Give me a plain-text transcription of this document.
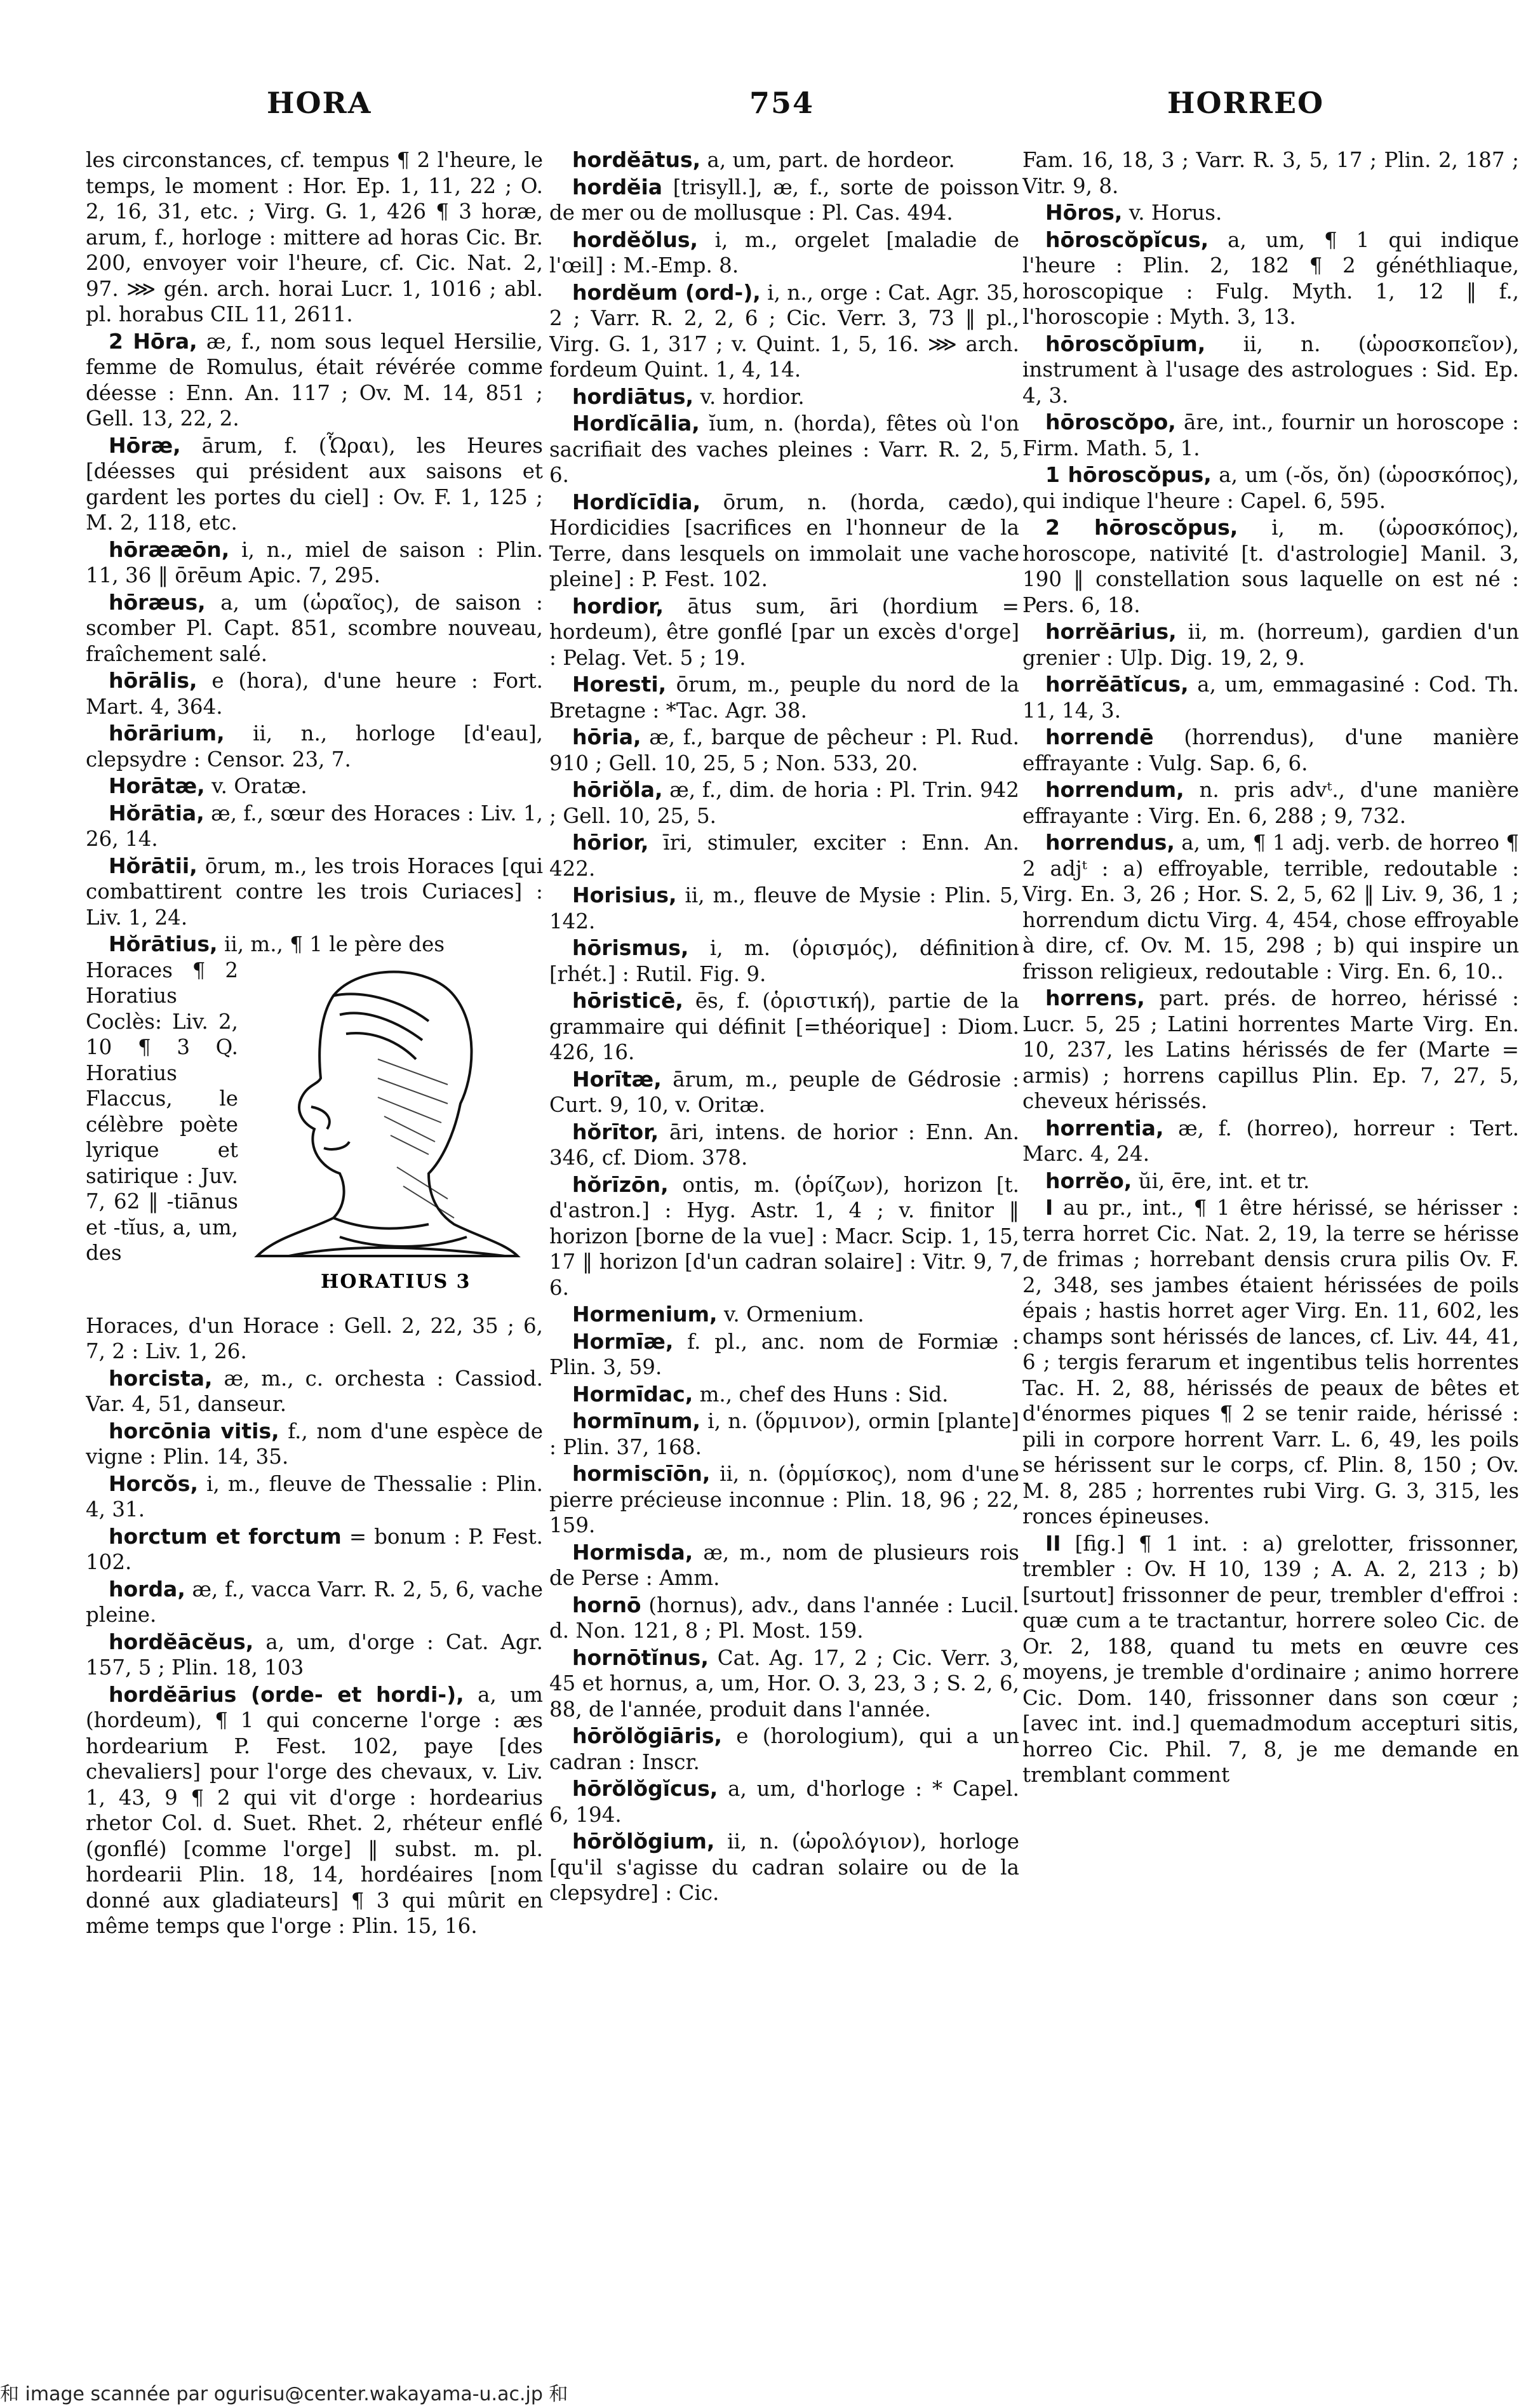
HORA	754	HORREO

les circonstances, cf. tempus ¶ 2 l'heure, le temps, le moment : Hor. Ep. 1, 11, 22 ; O. 2, 16, 31, etc. ; Virg. G. 1, 426 ¶ 3 horæ, arum, f., horloge : mittere ad horas Cic. Br. 200, envoyer voir l'heure, cf. Cic. Nat. 2, 97. ⋙ gén. arch. horai Lucr. 1, 1016 ; abl. pl. horabus CIL 11, 2611.

2 Hōra, æ, f., nom sous lequel Hersilie, femme de Romulus, était révérée comme déesse : Enn. An. 117 ; Ov. M. 14, 851 ; Gell. 13, 22, 2.

Hōræ, ārum, f. (Ὧραι), les Heures [déesses qui président aux saisons et gardent les portes du ciel] : Ov. F. 1, 125 ; M. 2, 118, etc.

hōrææōn, i, n., miel de saison : Plin. 11, 36 ‖ ōrēum Apic. 7, 295.

hōræus, a, um (ὡραῖος), de saison : scomber Pl. Capt. 851, scombre nouveau, fraîchement salé.

hōrālis, e (hora), d'une heure : Fort. Mart. 4, 364.

hōrārium, ii, n., horloge [d'eau], clepsydre : Censor. 23, 7.

Horātæ, v. Oratæ.

Hŏrātia, æ, f., sœur des Horaces : Liv. 1, 26, 14.

Hŏrātii, ōrum, m., les trois Horaces [qui combattirent contre les trois Curiaces] : Liv. 1, 24.

Hŏrātius, ii, m., ¶ 1 le père des

Horaces ¶ 2 Horatius Coclès: Liv. 2, 10 ¶ 3 Q. Horatius Flaccus, le célèbre poète lyrique et satirique : Juv. 7, 62 ‖ -tiānus et -tĭus, a, um, des

HORATIUS 3

Horaces, d'un Horace : Gell. 2, 22, 35 ; 6, 7, 2 : Liv. 1, 26.

horcista, æ, m., c. orchesta : Cassiod. Var. 4, 51, danseur.

horcōnia vitis, f., nom d'une espèce de vigne : Plin. 14, 35.

Horcŏs, i, m., fleuve de Thessalie : Plin. 4, 31.

horctum et forctum = bonum : P. Fest. 102.

horda, æ, f., vacca Varr. R. 2, 5, 6, vache pleine.

hordĕācĕus, a, um, d'orge : Cat. Agr. 157, 5 ; Plin. 18, 103

hordĕārius (orde- et hordi-), a, um (hordeum), ¶ 1 qui concerne l'orge : æs hordearium P. Fest. 102, paye [des chevaliers] pour l'orge des chevaux, v. Liv. 1, 43, 9 ¶ 2 qui vit d'orge : hordearius rhetor Col. d. Suet. Rhet. 2, rhéteur enflé (gonflé) [comme l'orge] ‖ subst. m. pl. hordearii Plin. 18, 14, hordéaires [nom donné aux gladiateurs] ¶ 3 qui mûrit en même temps que l'orge : Plin. 15, 16.

hordĕātus, a, um, part. de hordeor.

hordĕia [trisyll.], æ, f., sorte de poisson de mer ou de mollusque : Pl. Cas. 494.

hordĕŏlus, i, m., orgelet [maladie de l'œil] : M.-Emp. 8.

hordĕum (ord-), i, n., orge : Cat. Agr. 35, 2 ; Varr. R. 2, 2, 6 ; Cic. Verr. 3, 73 ‖ pl., Virg. G. 1, 317 ; v. Quint. 1, 5, 16. ⋙ arch. fordeum Quint. 1, 4, 14.

hordiātus, v. hordior.

Hordĭcālia, ĭum, n. (horda), fêtes où l'on sacrifiait des vaches pleines : Varr. R. 2, 5, 6.

Hordĭcīdia, ōrum, n. (horda, cædo), Hordicidies [sacrifices en l'honneur de la Terre, dans lesquels on immolait une vache pleine] : P. Fest. 102.

hordior, ātus sum, āri (hordium = hordeum), être gonflé [par un excès d'orge] : Pelag. Vet. 5 ; 19.

Horesti, ōrum, m., peuple du nord de la Bretagne : *Tac. Agr. 38.

hōria, æ, f., barque de pêcheur : Pl. Rud. 910 ; Gell. 10, 25, 5 ; Non. 533, 20.

hōriŏla, æ, f., dim. de horia : Pl. Trin. 942 ; Gell. 10, 25, 5.

hōrior, īri, stimuler, exciter : Enn. An. 422.

Horisius, ii, m., fleuve de Mysie : Plin. 5, 142.

hōrismus, i, m. (ὁρισμός), définition [rhét.] : Rutil. Fig. 9.

hōristicē, ēs, f. (ὁριστική), partie de la grammaire qui définit [=théorique] : Diom. 426, 16.

Horītæ, ārum, m., peuple de Gédrosie : Curt. 9, 10, v. Oritæ.

hŏrītor, āri, intens. de horior : Enn. An. 346, cf. Diom. 378.

hŏrīzōn, ontis, m. (ὁρίζων), horizon [t. d'astron.] : Hyg. Astr. 1, 4 ; v. finitor ‖ horizon [borne de la vue] : Macr. Scip. 1, 15, 17 ‖ horizon [d'un cadran solaire] : Vitr. 9, 7, 6.

Hormenium, v. Ormenium.

Hormīæ, f. pl., anc. nom de Formiæ : Plin. 3, 59.

Hormīdac, m., chef des Huns : Sid.

hormīnum, i, n. (ὅρμινον), ormin [plante] : Plin. 37, 168.

hormiscīōn, ii, n. (ὁρμίσκος), nom d'une pierre précieuse inconnue : Plin. 18, 96 ; 22, 159.

Hormisda, æ, m., nom de plusieurs rois de Perse : Amm.

hornō (hornus), adv., dans l'année : Lucil. d. Non. 121, 8 ; Pl. Most. 159.

hornōtĭnus, Cat. Ag. 17, 2 ; Cic. Verr. 3, 45 et hornus, a, um, Hor. O. 3, 23, 3 ; S. 2, 6, 88, de l'année, produit dans l'année.

hōrŏlŏgiāris, e (horologium), qui a un cadran : Inscr.

hōrŏlŏgĭcus, a, um, d'horloge : * Capel. 6, 194.

hōrŏlŏgium, ii, n. (ὡρολόγιον), horloge [qu'il s'agisse du cadran solaire ou de la clepsydre] : Cic.

Fam. 16, 18, 3 ; Varr. R. 3, 5, 17 ; Plin. 2, 187 ; Vitr. 9, 8.

Hōros, v. Horus.

hōroscŏpĭcus, a, um, ¶ 1 qui indique l'heure : Plin. 2, 182 ¶ 2 généthliaque, horoscopique : Fulg. Myth. 1, 12 ‖ f., l'horoscopie : Myth. 3, 13.

hōroscŏpīum, ii, n. (ὡροσκοπεῖον), instrument à l'usage des astrologues : Sid. Ep. 4, 3.

hōroscŏpo, āre, int., fournir un horoscope : Firm. Math. 5, 1.

1 hōroscŏpus, a, um (-ŏs, ŏn) (ὡροσκόπος), qui indique l'heure : Capel. 6, 595.

2 hōroscŏpus, i, m. (ὡροσκόπος), horoscope, nativité [t. d'astrologie] Manil. 3, 190 ‖ constellation sous laquelle on est né : Pers. 6, 18.

horrĕārius, ii, m. (horreum), gardien d'un grenier : Ulp. Dig. 19, 2, 9.

horrĕātĭcus, a, um, emmagasiné : Cod. Th. 11, 14, 3.

horrendē (horrendus), d'une manière effrayante : Vulg. Sap. 6, 6.

horrendum, n. pris advᵗ., d'une manière effrayante : Virg. En. 6, 288 ; 9, 732.

horrendus, a, um, ¶ 1 adj. verb. de horreo ¶ 2 adjᵗ : a) effroyable, terrible, redoutable : Virg. En. 3, 26 ; Hor. S. 2, 5, 62 ‖ Liv. 9, 36, 1 ; horrendum dictu Virg. 4, 454, chose effroyable à dire, cf. Ov. M. 15, 298 ; b) qui inspire un frisson religieux, redoutable : Virg. En. 6, 10..

horrens, part. prés. de horreo, hérissé : Lucr. 5, 25 ; Latini horrentes Marte Virg. En. 10, 237, les Latins hérissés de fer (Marte = armis) ; horrens capillus Plin. Ep. 7, 27, 5, cheveux hérissés.

horrentia, æ, f. (horreo), horreur : Tert. Marc. 4, 24.

horrĕo, ŭi, ēre, int. et tr.

I au pr., int., ¶ 1 être hérissé, se hérisser : terra horret Cic. Nat. 2, 19, la terre se hérisse de frimas ; horrebant densis crura pilis Ov. F. 2, 348, ses jambes étaient hérissées de poils épais ; hastis horret ager Virg. En. 11, 602, les champs sont hérissés de lances, cf. Liv. 44, 41, 6 ; tergis ferarum et ingentibus telis horrentes Tac. H. 2, 88, hérissés de peaux de bêtes et d'énormes piques ¶ 2 se tenir raide, hérissé : pili in corpore horrent Varr. L. 6, 49, les poils se hérissent sur le corps, cf. Plin. 8, 150 ; Ov. M. 8, 285 ; horrentes rubi Virg. G. 3, 315, les ronces épineuses.

II [fig.] ¶ 1 int. : a) grelotter, frissonner, trembler : Ov. H 10, 139 ; A. A. 2, 213 ; b) [surtout] frissonner de peur, trembler d'effroi : quæ cum a te tractantur, horrere soleo Cic. de Or. 2, 188, quand tu mets en œuvre ces moyens, je tremble d'ordinaire ; animo horrere Cic. Dom. 140, frissonner dans son cœur ; [avec int. ind.] quemadmodum accepturi sitis, horreo Cic. Phil. 7, 8, je me demande en tremblant comment

和 image scannée par ogurisu@center.wakayama-u.ac.jp 和
